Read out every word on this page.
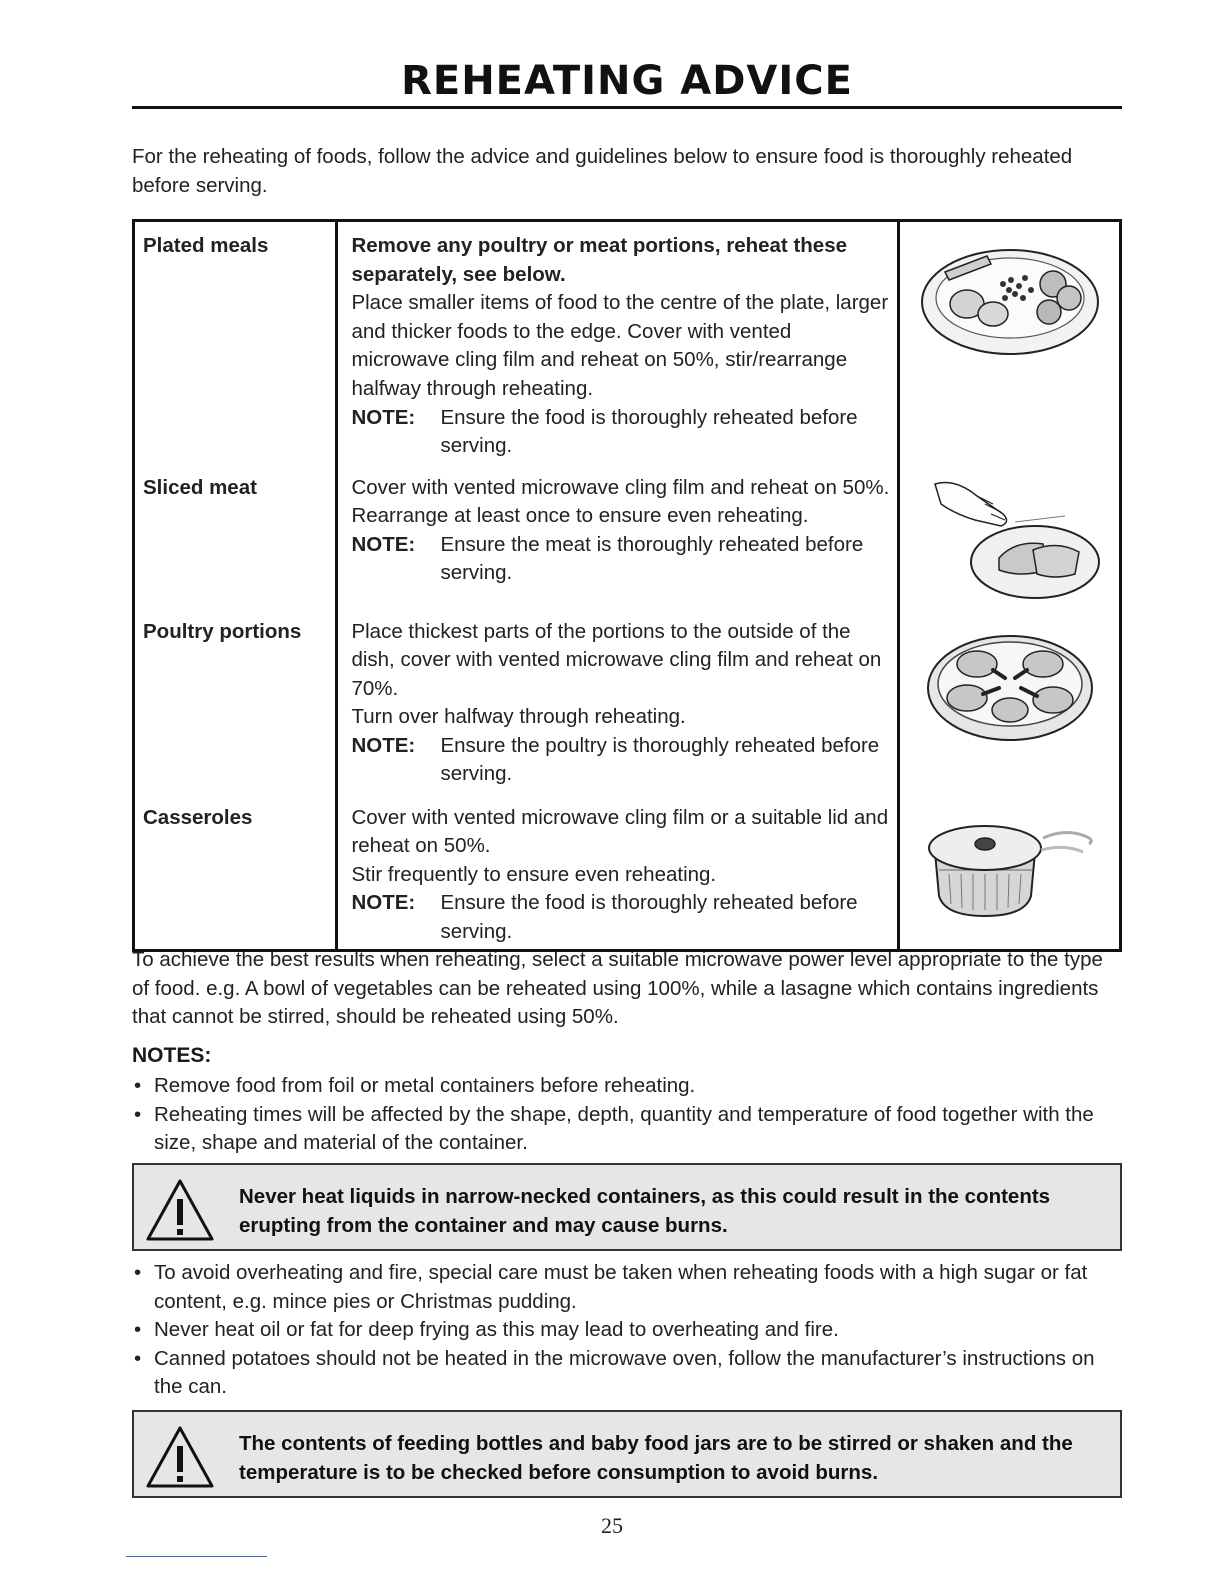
REHEATING ADVICE

For the reheating of foods, follow the advice and guidelines below to ensure food is thoroughly reheated before serving.

Plated meals	Remove any poultry or meat portions, reheat these separately, see below.
Place smaller items of food to the centre of the plate, larger and thicker foods to the edge. Cover with vented microwave cling film and reheat on 50%, stir/rearrange halfway through reheating.
NOTE: Ensure the food is thoroughly reheated before serving.

Sliced meat	Cover with vented microwave cling film and reheat on 50%. Rearrange at least once to ensure even reheating.
NOTE: Ensure the meat is thoroughly reheated before serving.

Poultry portions	Place thickest parts of the portions to the outside of the dish, cover with vented microwave cling film and reheat on 70%.
Turn over halfway through reheating.
NOTE: Ensure the poultry is thoroughly reheated before serving.

Casseroles	Cover with vented microwave cling film or a suitable lid and reheat on 50%.
Stir frequently to ensure even reheating.
NOTE: Ensure the food is thoroughly reheated before serving.

To achieve the best results when reheating, select a suitable microwave power level appropriate to the type of food. e.g. A bowl of vegetables can be reheated using 100%, while a lasagne which contains ingredients that cannot be stirred, should be reheated using 50%.

NOTES:
• Remove food from foil or metal containers before reheating.
• Reheating times will be affected by the shape, depth, quantity and temperature of food together with the size, shape and material of the container.

Never heat liquids in narrow-necked containers, as this could result in the contents erupting from the container and may cause burns.

• To avoid overheating and fire, special care must be taken when reheating foods with a high sugar or fat content, e.g. mince pies or Christmas pudding.
• Never heat oil or fat for deep frying as this may lead to overheating and fire.
• Canned potatoes should not be heated in the microwave oven, follow the manufacturer’s instructions on the can.

The contents of feeding bottles and baby food jars are to be stirred or shaken and the temperature is to be checked before consumption to avoid burns.

25
